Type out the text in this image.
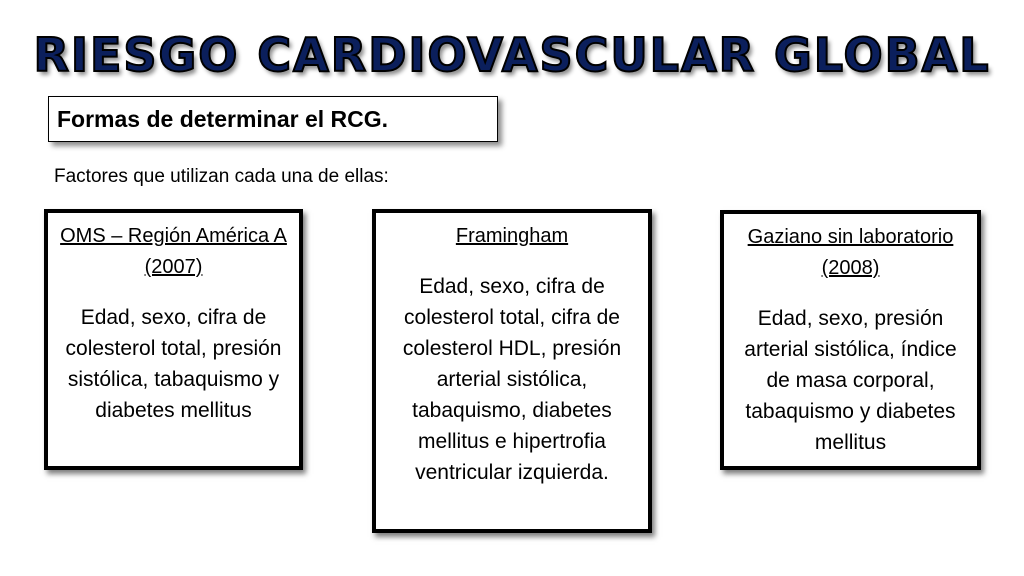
RIESGO CARDIOVASCULAR GLOBAL
Formas de determinar el RCG.
Factores que utilizan cada una de ellas:
OMS – Región América A (2007)
Edad, sexo, cifra de colesterol total, presión sistólica, tabaquismo y diabetes mellitus
Framingham
Edad, sexo, cifra de colesterol total, cifra de colesterol HDL, presión arterial sistólica, tabaquismo, diabetes mellitus e hipertrofia ventricular izquierda.
Gaziano sin laboratorio (2008)
Edad, sexo, presión arterial sistólica, índice de masa corporal, tabaquismo y diabetes mellitus
